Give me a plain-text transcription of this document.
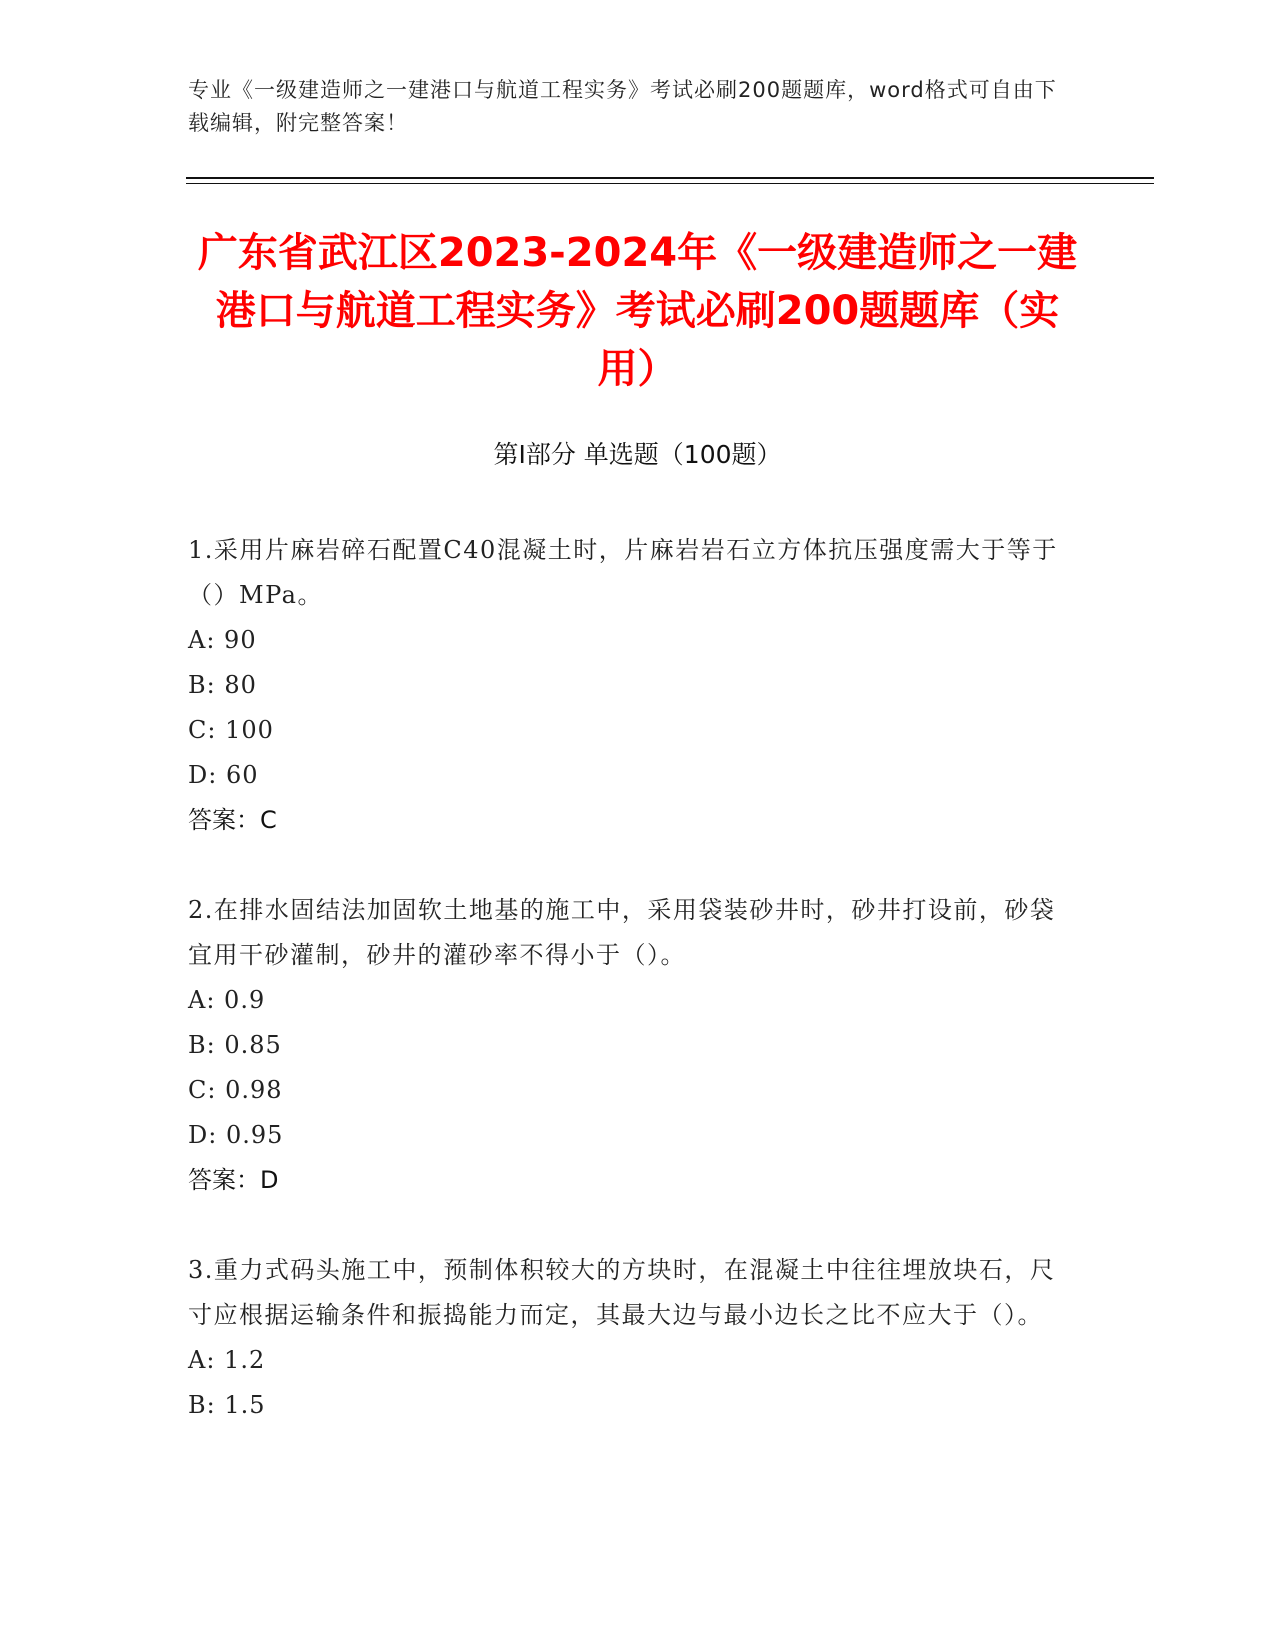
专业《一级建造师之一建港口与航道工程实务》考试必刷200题题库，word格式可自由下载编辑，附完整答案！
广东省武江区2023-2024年《一级建造师之一建港口与航道工程实务》考试必刷200题题库（实用）
第I部分 单选题（100题）
1.采用片麻岩碎石配置C40混凝土时，片麻岩岩石立方体抗压强度需大于等于（）MPa。
A: 90
B: 80
C: 100
D: 60
答案：C
2.在排水固结法加固软土地基的施工中，采用袋装砂井时，砂井打设前，砂袋宜用干砂灌制，砂井的灌砂率不得小于（）。
A: 0.9
B: 0.85
C: 0.98
D: 0.95
答案：D
3.重力式码头施工中，预制体积较大的方块时，在混凝土中往往埋放块石，尺寸应根据运输条件和振捣能力而定，其最大边与最小边长之比不应大于（）。
A: 1.2
B: 1.5
